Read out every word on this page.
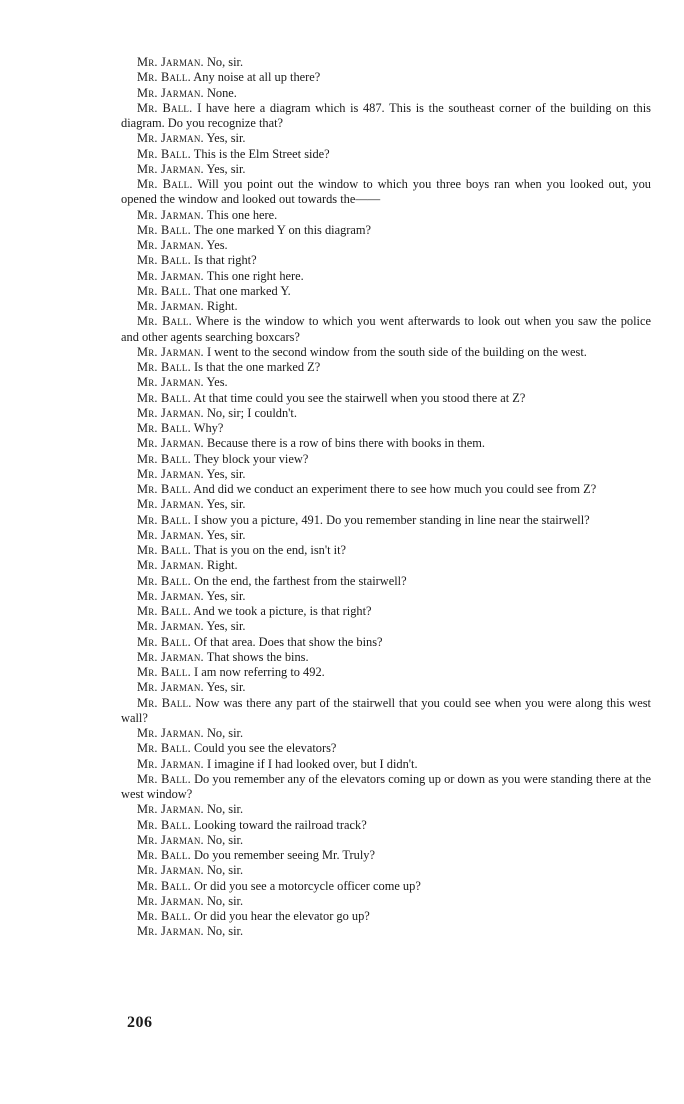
Mr. Jarman. No, sir.

Mr. Ball. Any noise at all up there?

Mr. Jarman. None.

Mr. Ball. I have here a diagram which is 487. This is the southeast corner of the building on this diagram. Do you recognize that?

Mr. Jarman. Yes, sir.

Mr. Ball. This is the Elm Street side?

Mr. Jarman. Yes, sir.

Mr. Ball. Will you point out the window to which you three boys ran when you looked out, you opened the window and looked out towards the——

Mr. Jarman. This one here.

Mr. Ball. The one marked Y on this diagram?

Mr. Jarman. Yes.

Mr. Ball. Is that right?

Mr. Jarman. This one right here.

Mr. Ball. That one marked Y.

Mr. Jarman. Right.

Mr. Ball. Where is the window to which you went afterwards to look out when you saw the police and other agents searching boxcars?

Mr. Jarman. I went to the second window from the south side of the building on the west.

Mr. Ball. Is that the one marked Z?

Mr. Jarman. Yes.

Mr. Ball. At that time could you see the stairwell when you stood there at Z?

Mr. Jarman. No, sir; I couldn't.

Mr. Ball. Why?

Mr. Jarman. Because there is a row of bins there with books in them.

Mr. Ball. They block your view?

Mr. Jarman. Yes, sir.

Mr. Ball. And did we conduct an experiment there to see how much you could see from Z?

Mr. Jarman. Yes, sir.

Mr. Ball. I show you a picture, 491. Do you remember standing in line near the stairwell?

Mr. Jarman. Yes, sir.

Mr. Ball. That is you on the end, isn't it?

Mr. Jarman. Right.

Mr. Ball. On the end, the farthest from the stairwell?

Mr. Jarman. Yes, sir.

Mr. Ball. And we took a picture, is that right?

Mr. Jarman. Yes, sir.

Mr. Ball. Of that area. Does that show the bins?

Mr. Jarman. That shows the bins.

Mr. Ball. I am now referring to 492.

Mr. Jarman. Yes, sir.

Mr. Ball. Now was there any part of the stairwell that you could see when you were along this west wall?

Mr. Jarman. No, sir.

Mr. Ball. Could you see the elevators?

Mr. Jarman. I imagine if I had looked over, but I didn't.

Mr. Ball. Do you remember any of the elevators coming up or down as you were standing there at the west window?

Mr. Jarman. No, sir.

Mr. Ball. Looking toward the railroad track?

Mr. Jarman. No, sir.

Mr. Ball. Do you remember seeing Mr. Truly?

Mr. Jarman. No, sir.

Mr. Ball. Or did you see a motorcycle officer come up?

Mr. Jarman. No, sir.

Mr. Ball. Or did you hear the elevator go up?

Mr. Jarman. No, sir.

206
